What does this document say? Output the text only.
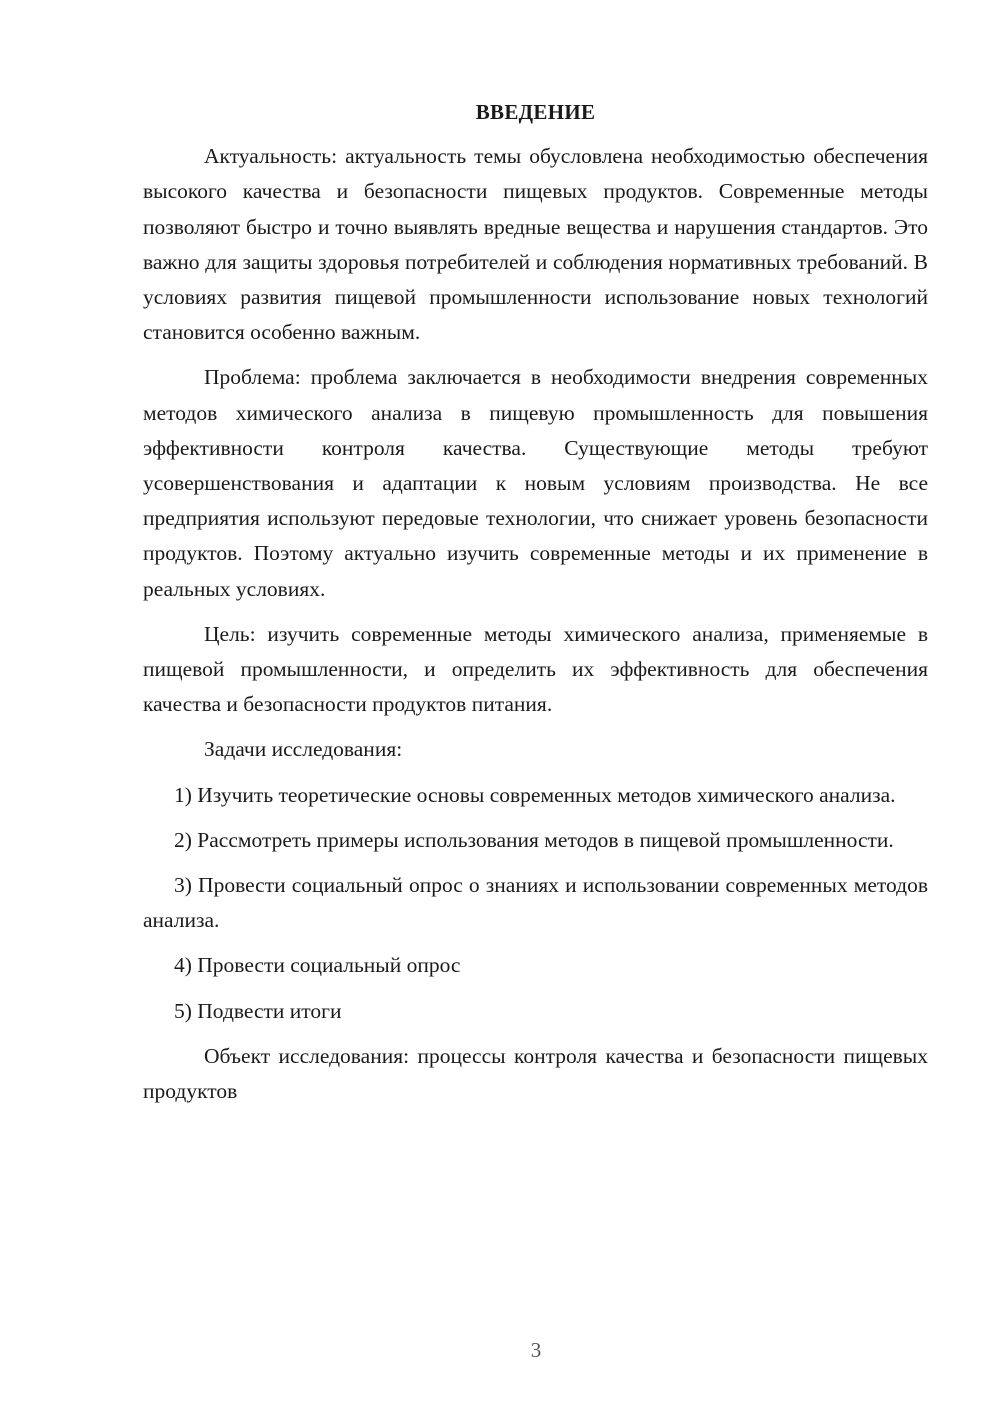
ВВЕДЕНИЕ

Актуальность: актуальность темы обусловлена необходимостью обеспечения высокого качества и безопасности пищевых продуктов. Современные методы позволяют быстро и точно выявлять вредные вещества и нарушения стандартов. Это важно для защиты здоровья потребителей и соблюдения нормативных требований. В условиях развития пищевой промышленности использование новых технологий становится особенно важным.

Проблема: проблема заключается в необходимости внедрения современных методов химического анализа в пищевую промышленность для повышения эффективности контроля качества. Существующие методы требуют усовершенствования и адаптации к новым условиям производства. Не все предприятия используют передовые технологии, что снижает уровень безопасности продуктов. Поэтому актуально изучить современные методы и их применение в реальных условиях.

Цель: изучить современные методы химического анализа, применяемые в пищевой промышленности, и определить их эффективность для обеспечения качества и безопасности продуктов питания.

Задачи исследования:

1) Изучить теоретические основы современных методов химического анализа.

2) Рассмотреть примеры использования методов в пищевой промышленности.

3) Провести социальный опрос о знаниях и использовании современных методов анализа.

4) Провести социальный опрос

5) Подвести итоги

Объект исследования: процессы контроля качества и безопасности пищевых продуктов

3
